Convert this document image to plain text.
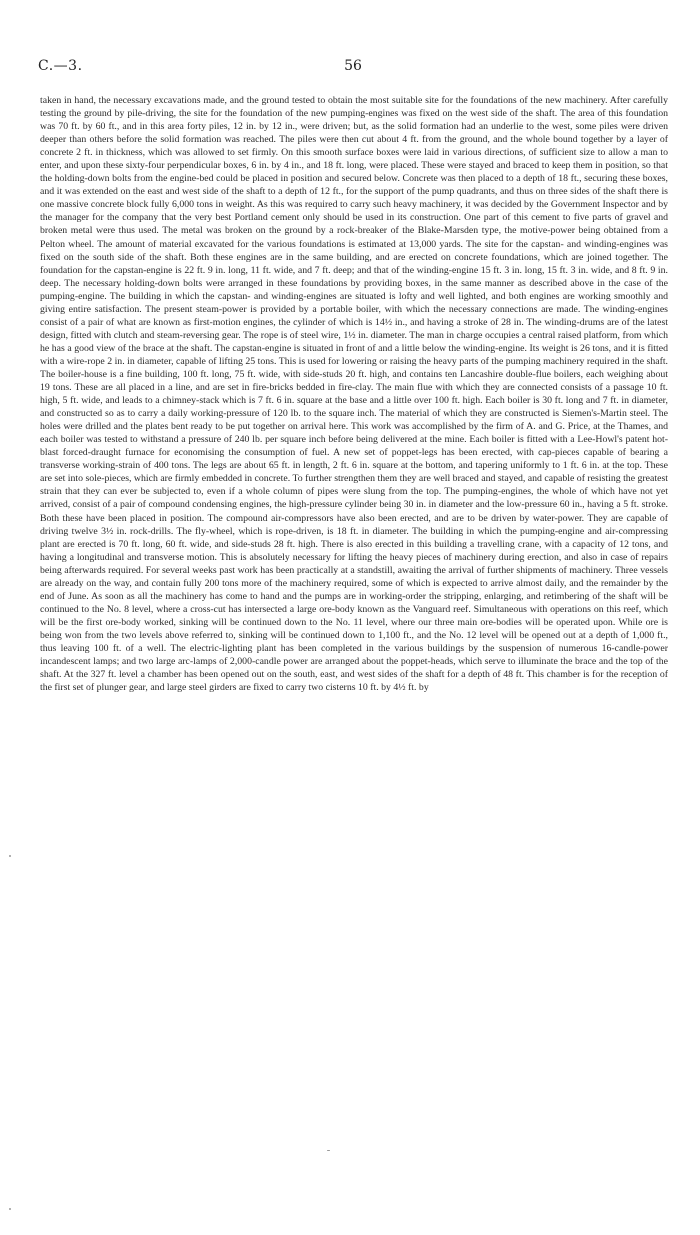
C.—3.	56

taken in hand, the necessary excavations made, and the ground tested to obtain the most suitable site for the foundations of the new machinery. After carefully testing the ground by pile-driving, the site for the foundation of the new pumping-engines was fixed on the west side of the shaft. The area of this foundation was 70 ft. by 60 ft., and in this area forty piles, 12 in. by 12 in., were driven; but, as the solid formation had an underlie to the west, some piles were driven deeper than others before the solid formation was reached. The piles were then cut about 4 ft. from the ground, and the whole bound together by a layer of concrete 2 ft. in thickness, which was allowed to set firmly. On this smooth surface boxes were laid in various directions, of sufficient size to allow a man to enter, and upon these sixty-four perpendicular boxes, 6 in. by 4 in., and 18 ft. long, were placed. These were stayed and braced to keep them in position, so that the holding-down bolts from the engine-bed could be placed in position and secured below. Concrete was then placed to a depth of 18 ft., securing these boxes, and it was extended on the east and west side of the shaft to a depth of 12 ft., for the support of the pump quadrants, and thus on three sides of the shaft there is one massive concrete block fully 6,000 tons in weight. As this was required to carry such heavy machinery, it was decided by the Government Inspector and by the manager for the company that the very best Portland cement only should be used in its construction. One part of this cement to five parts of gravel and broken metal were thus used. The metal was broken on the ground by a rock-breaker of the Blake-Marsden type, the motive-power being obtained from a Pelton wheel. The amount of material excavated for the various foundations is estimated at 13,000 yards. The site for the capstan- and winding-engines was fixed on the south side of the shaft. Both these engines are in the same building, and are erected on concrete foundations, which are joined together. The foundation for the capstan-engine is 22 ft. 9 in. long, 11 ft. wide, and 7 ft. deep; and that of the winding-engine 15 ft. 3 in. long, 15 ft. 3 in. wide, and 8 ft. 9 in. deep. The necessary holding-down bolts were arranged in these foundations by providing boxes, in the same manner as described above in the case of the pumping-engine. The building in which the capstan- and winding-engines are situated is lofty and well lighted, and both engines are working smoothly and giving entire satisfaction. The present steam-power is provided by a portable boiler, with which the necessary connections are made. The winding-engines consist of a pair of what are known as first-motion engines, the cylinder of which is 14½ in., and having a stroke of 28 in. The winding-drums are of the latest design, fitted with clutch and steam-reversing gear. The rope is of steel wire, 1½ in. diameter. The man in charge occupies a central raised platform, from which he has a good view of the brace at the shaft. The capstan-engine is situated in front of and a little below the winding-engine. Its weight is 26 tons, and it is fitted with a wire-rope 2 in. in diameter, capable of lifting 25 tons. This is used for lowering or raising the heavy parts of the pumping machinery required in the shaft. The boiler-house is a fine building, 100 ft. long, 75 ft. wide, with side-studs 20 ft. high, and contains ten Lancashire double-flue boilers, each weighing about 19 tons. These are all placed in a line, and are set in fire-bricks bedded in fire-clay. The main flue with which they are connected consists of a passage 10 ft. high, 5 ft. wide, and leads to a chimney-stack which is 7 ft. 6 in. square at the base and a little over 100 ft. high. Each boiler is 30 ft. long and 7 ft. in diameter, and constructed so as to carry a daily working-pressure of 120 lb. to the square inch. The material of which they are constructed is Siemen's-Martin steel. The holes were drilled and the plates bent ready to be put together on arrival here. This work was accomplished by the firm of A. and G. Price, at the Thames, and each boiler was tested to withstand a pressure of 240 lb. per square inch before being delivered at the mine. Each boiler is fitted with a Lee-Howl's patent hot-blast forced-draught furnace for economising the consumption of fuel. A new set of poppet-legs has been erected, with cap-pieces capable of bearing a transverse working-strain of 400 tons. The legs are about 65 ft. in length, 2 ft. 6 in. square at the bottom, and tapering uniformly to 1 ft. 6 in. at the top. These are set into sole-pieces, which are firmly embedded in concrete. To further strengthen them they are well braced and stayed, and capable of resisting the greatest strain that they can ever be subjected to, even if a whole column of pipes were slung from the top. The pumping-engines, the whole of which have not yet arrived, consist of a pair of compound condensing engines, the high-pressure cylinder being 30 in. in diameter and the low-pressure 60 in., having a 5 ft. stroke. Both these have been placed in position. The compound air-compressors have also been erected, and are to be driven by water-power. They are capable of driving twelve 3½ in. rock-drills. The fly-wheel, which is rope-driven, is 18 ft. in diameter. The building in which the pumping-engine and air-compressing plant are erected is 70 ft. long, 60 ft. wide, and side-studs 28 ft. high. There is also erected in this building a travelling crane, with a capacity of 12 tons, and having a longitudinal and transverse motion. This is absolutely necessary for lifting the heavy pieces of machinery during erection, and also in case of repairs being afterwards required. For several weeks past work has been practically at a standstill, awaiting the arrival of further shipments of machinery. Three vessels are already on the way, and contain fully 200 tons more of the machinery required, some of which is expected to arrive almost daily, and the remainder by the end of June. As soon as all the machinery has come to hand and the pumps are in working-order the stripping, enlarging, and retimbering of the shaft will be continued to the No. 8 level, where a cross-cut has intersected a large ore-body known as the Vanguard reef. Simultaneous with operations on this reef, which will be the first ore-body worked, sinking will be continued down to the No. 11 level, where our three main ore-bodies will be operated upon. While ore is being won from the two levels above referred to, sinking will be continued down to 1,100 ft., and the No. 12 level will be opened out at a depth of 1,000 ft., thus leaving 100 ft. of a well. The electric-lighting plant has been completed in the various buildings by the suspension of numerous 16-candle-power incandescent lamps; and two large arc-lamps of 2,000-candle power are arranged about the poppet-heads, which serve to illuminate the brace and the top of the shaft. At the 327 ft. level a chamber has been opened out on the south, east, and west sides of the shaft for a depth of 48 ft. This chamber is for the reception of the first set of plunger gear, and large steel girders are fixed to carry two cisterns 10 ft. by 4½ ft. by
